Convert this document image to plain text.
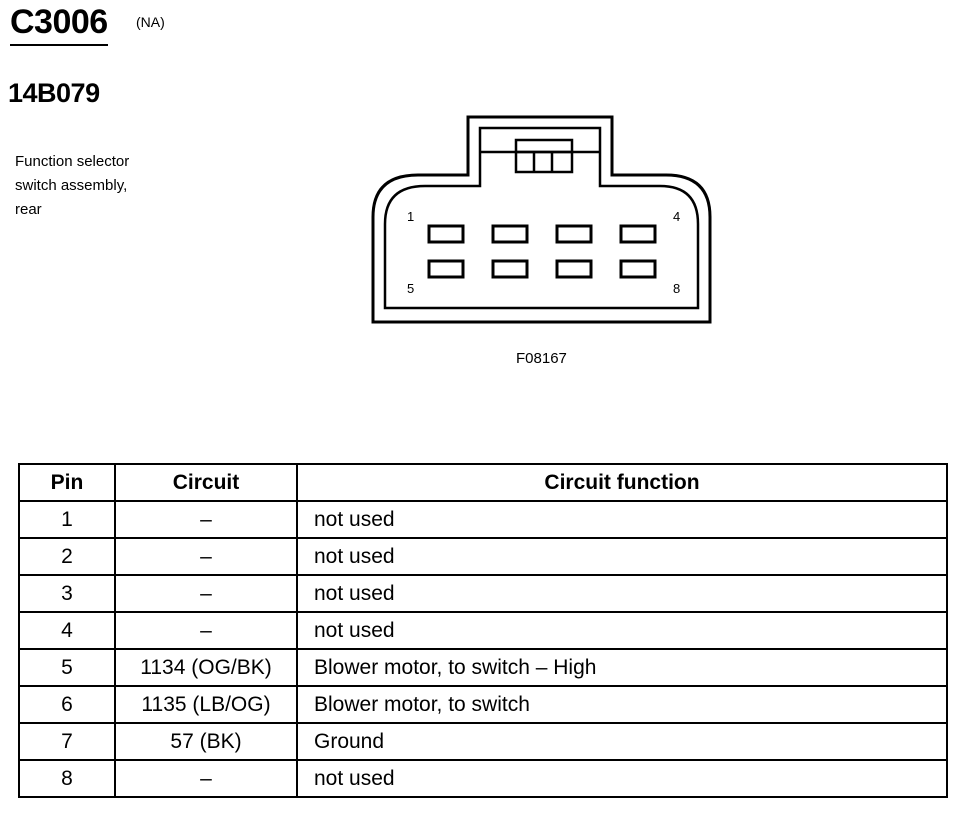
C3006 (NA)
14B079
Function selector
switch assembly,
rear	1	4
5	8
F08167
Pin	Circuit	Circuit function
1	–	not used
2	–	not used
3	–	not used
4	–	not used
5	1134 (OG/BK)	Blower motor, to switch – High
6	1135 (LB/OG)	Blower motor, to switch
7	57 (BK)	Ground
8	–	not used
